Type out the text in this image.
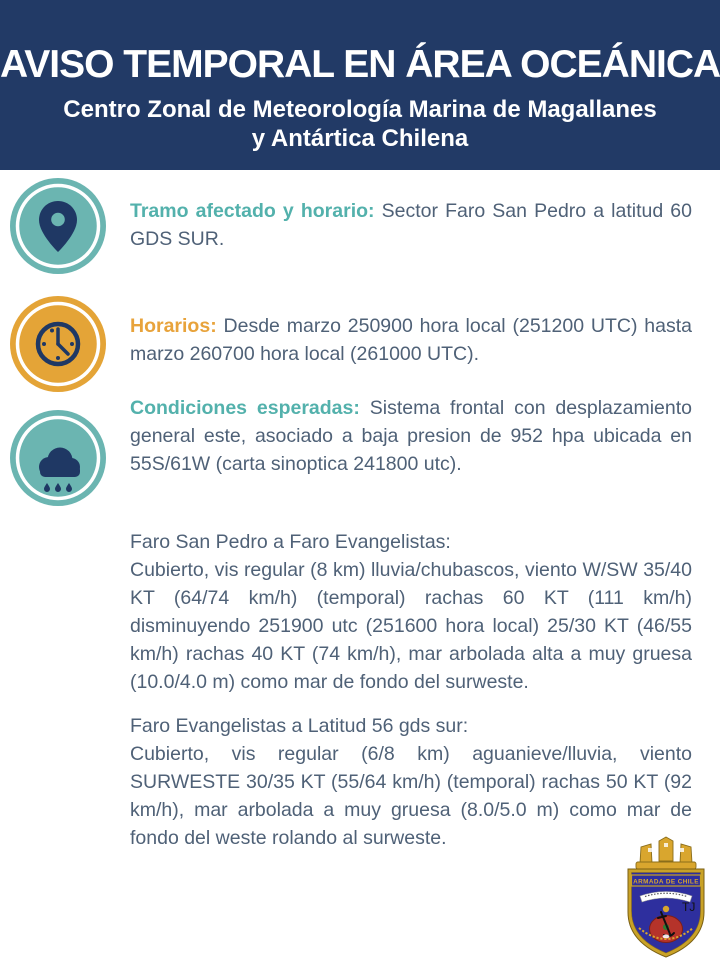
AVISO TEMPORAL EN ÁREA OCEÁNICA
Centro Zonal de Meteorología Marina de Magallanes
y Antártica Chilena
Tramo afectado y horario: Sector Faro San Pedro a latitud 60 GDS SUR.
Horarios: Desde marzo 250900 hora local (251200 UTC) hasta marzo 260700 hora local (261000 UTC).
Condiciones esperadas: Sistema frontal con desplazamiento general este, asociado a baja presion de 952 hpa ubicada en 55S/61W (carta sinoptica 241800 utc).

Faro San Pedro a Faro Evangelistas:

Cubierto, vis regular (8 km) lluvia/chubascos, viento W/SW 35/40 KT (64/74 km/h) (temporal) rachas 60 KT (111 km/h) disminuyendo 251900 utc (251600 hora local) 25/30 KT (46/55 km/h) rachas 40 KT (74 km/h), mar arbolada alta a muy gruesa (10.0/4.0 m) como mar de fondo del surweste.

Faro Evangelistas a Latitud 56 gds sur:

Cubierto, vis regular (6/8 km) aguanieve/lluvia, viento SURWESTE 30/35 KT (55/64 km/h) (temporal) rachas 50 KT (92 km/h), mar arbolada a muy gruesa (8.0/5.0 m) como mar de fondo del weste rolando al surweste.

ARMADA DE CHILE
TJ
